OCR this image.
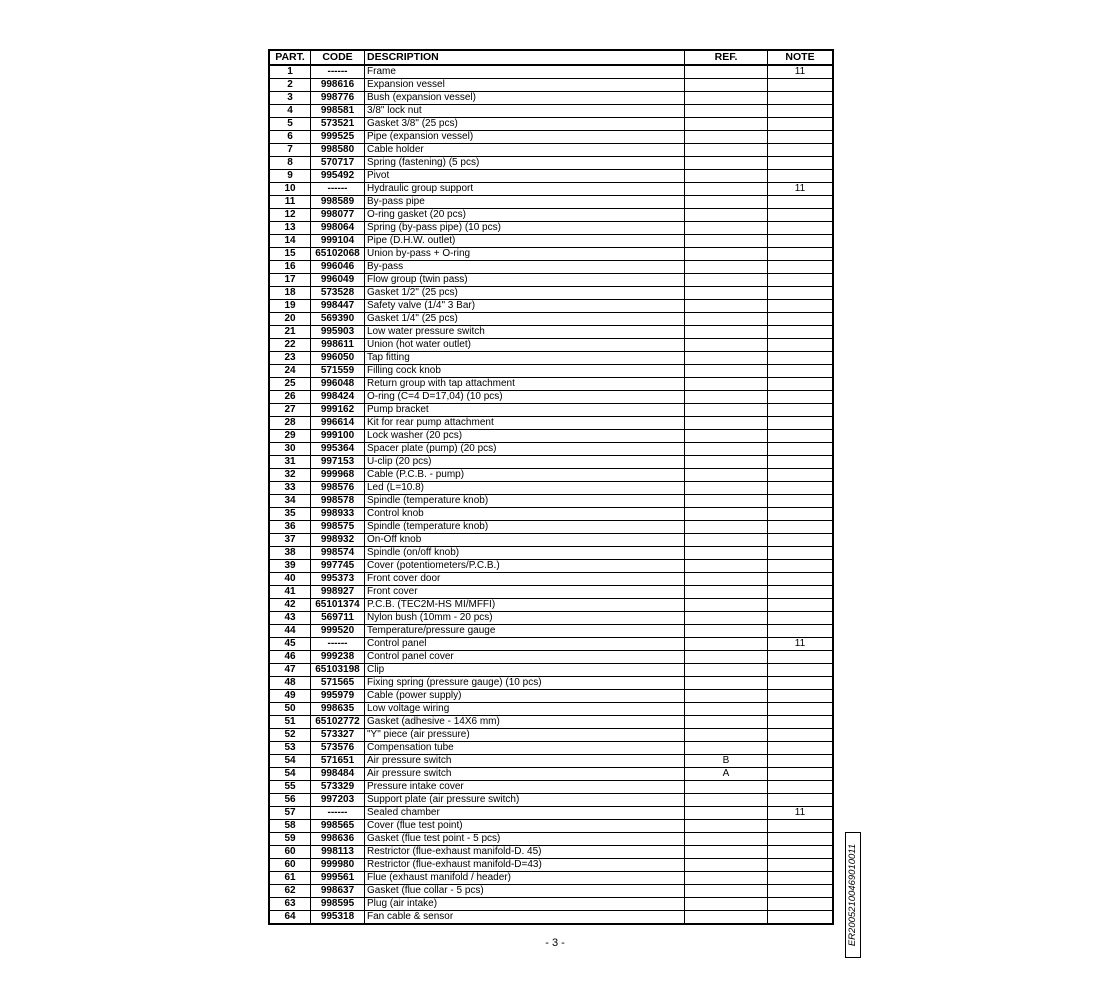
PART.	CODE	DESCRIPTION	REF.	NOTE
1	------	Frame		11
2	998616	Expansion vessel		
3	998776	Bush (expansion vessel)		
4	998581	3/8" lock nut		
5	573521	Gasket 3/8" (25 pcs)		
6	999525	Pipe (expansion vessel)		
7	998580	Cable holder		
8	570717	Spring (fastening) (5 pcs)		
9	995492	Pivot		
10	------	Hydraulic group support		11
11	998589	By-pass pipe		
12	998077	O-ring gasket (20 pcs)		
13	998064	Spring (by-pass pipe) (10 pcs)		
14	999104	Pipe (D.H.W. outlet)		
15	65102068	Union by-pass + O-ring		
16	996046	By-pass		
17	996049	Flow group (twin pass)		
18	573528	Gasket 1/2" (25 pcs)		
19	998447	Safety valve (1/4" 3 Bar)		
20	569390	Gasket 1/4" (25 pcs)		
21	995903	Low water pressure switch		
22	998611	Union (hot water outlet)		
23	996050	Tap fitting		
24	571559	Filling cock knob		
25	996048	Return group with tap attachment		
26	998424	O-ring (C=4 D=17,04) (10 pcs)		
27	999162	Pump bracket		
28	996614	Kit for rear pump attachment		
29	999100	Lock washer (20 pcs)		
30	995364	Spacer plate (pump) (20 pcs)		
31	997153	U-clip (20 pcs)		
32	999968	Cable (P.C.B. - pump)		
33	998576	Led (L=10.8)		
34	998578	Spindle (temperature knob)		
35	998933	Control knob		
36	998575	Spindle (temperature knob)		
37	998932	On-Off knob		
38	998574	Spindle (on/off knob)		
39	997745	Cover (potentiometers/P.C.B.)		
40	995373	Front cover door		
41	998927	Front cover		
42	65101374	P.C.B. (TEC2M-HS MI/MFFI)		
43	569711	Nylon bush (10mm - 20 pcs)		
44	999520	Temperature/pressure gauge		
45	------	Control panel		11
46	999238	Control panel cover		
47	65103198	Clip		
48	571565	Fixing spring (pressure gauge) (10 pcs)		
49	995979	Cable (power supply)		
50	998635	Low voltage wiring		
51	65102772	Gasket (adhesive - 14X6 mm)		
52	573327	"Y" piece (air pressure)		
53	573576	Compensation tube		
54	571651	Air pressure switch	B	
54	998484	Air pressure switch	A	
55	573329	Pressure intake cover		
56	997203	Support plate (air pressure switch)		
57	------	Sealed chamber		11
58	998565	Cover (flue test point)		
59	998636	Gasket (flue test point - 5 pcs)		
60	998113	Restrictor (flue-exhaust manifold-D. 45)		
60	999980	Restrictor (flue-exhaust manifold-D=43)		
61	999561	Flue (exhaust manifold / header)		
62	998637	Gasket (flue collar - 5 pcs)		
63	998595	Plug (air intake)		
64	995318	Fan cable & sensor		
- 3 -	ER20052100469010011
